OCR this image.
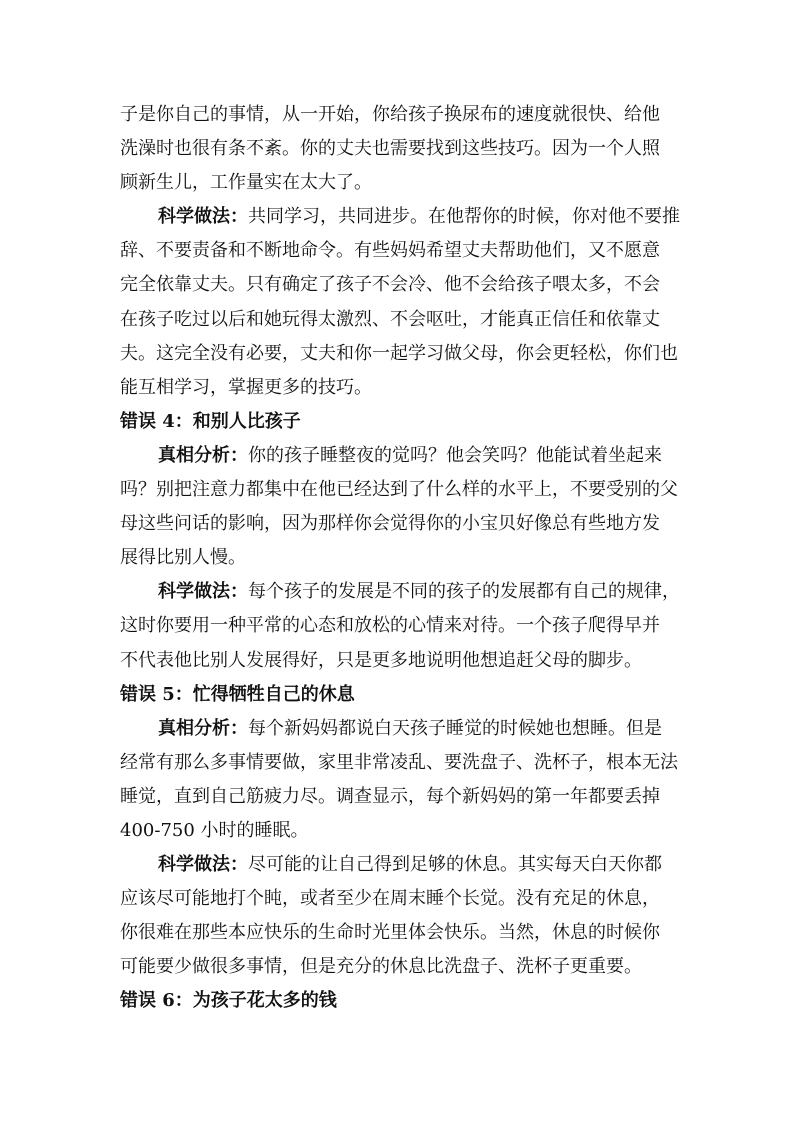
子是你自己的事情，从一开始，你给孩子换尿布的速度就很快、给他
洗澡时也很有条不紊。你的丈夫也需要找到这些技巧。因为一个人照
顾新生儿，工作量实在太大了。
科学做法：共同学习，共同进步。在他帮你的时候，你对他不要推
辞、不要责备和不断地命令。有些妈妈希望丈夫帮助他们，又不愿意
完全依靠丈夫。只有确定了孩子不会冷、他不会给孩子喂太多，不会
在孩子吃过以后和她玩得太激烈、不会呕吐，才能真正信任和依靠丈
夫。这完全没有必要，丈夫和你一起学习做父母，你会更轻松，你们也
能互相学习，掌握更多的技巧。
错误 4：和别人比孩子
真相分析：你的孩子睡整夜的觉吗？他会笑吗？他能试着坐起来
吗？别把注意力都集中在他已经达到了什么样的水平上，不要受别的父
母这些问话的影响，因为那样你会觉得你的小宝贝好像总有些地方发
展得比别人慢。
科学做法：每个孩子的发展是不同的孩子的发展都有自己的规律，
这时你要用一种平常的心态和放松的心情来对待。一个孩子爬得早并
不代表他比别人发展得好，只是更多地说明他想追赶父母的脚步。
错误 5：忙得牺牲自己的休息
真相分析：每个新妈妈都说白天孩子睡觉的时候她也想睡。但是
经常有那么多事情要做，家里非常凌乱、要洗盘子、洗杯子，根本无法
睡觉，直到自己筋疲力尽。调查显示，每个新妈妈的第一年都要丢掉
400-750 小时的睡眠。
科学做法：尽可能的让自己得到足够的休息。其实每天白天你都
应该尽可能地打个盹，或者至少在周末睡个长觉。没有充足的休息，
你很难在那些本应快乐的生命时光里体会快乐。当然，休息的时候你
可能要少做很多事情，但是充分的休息比洗盘子、洗杯子更重要。
错误 6：为孩子花太多的钱
